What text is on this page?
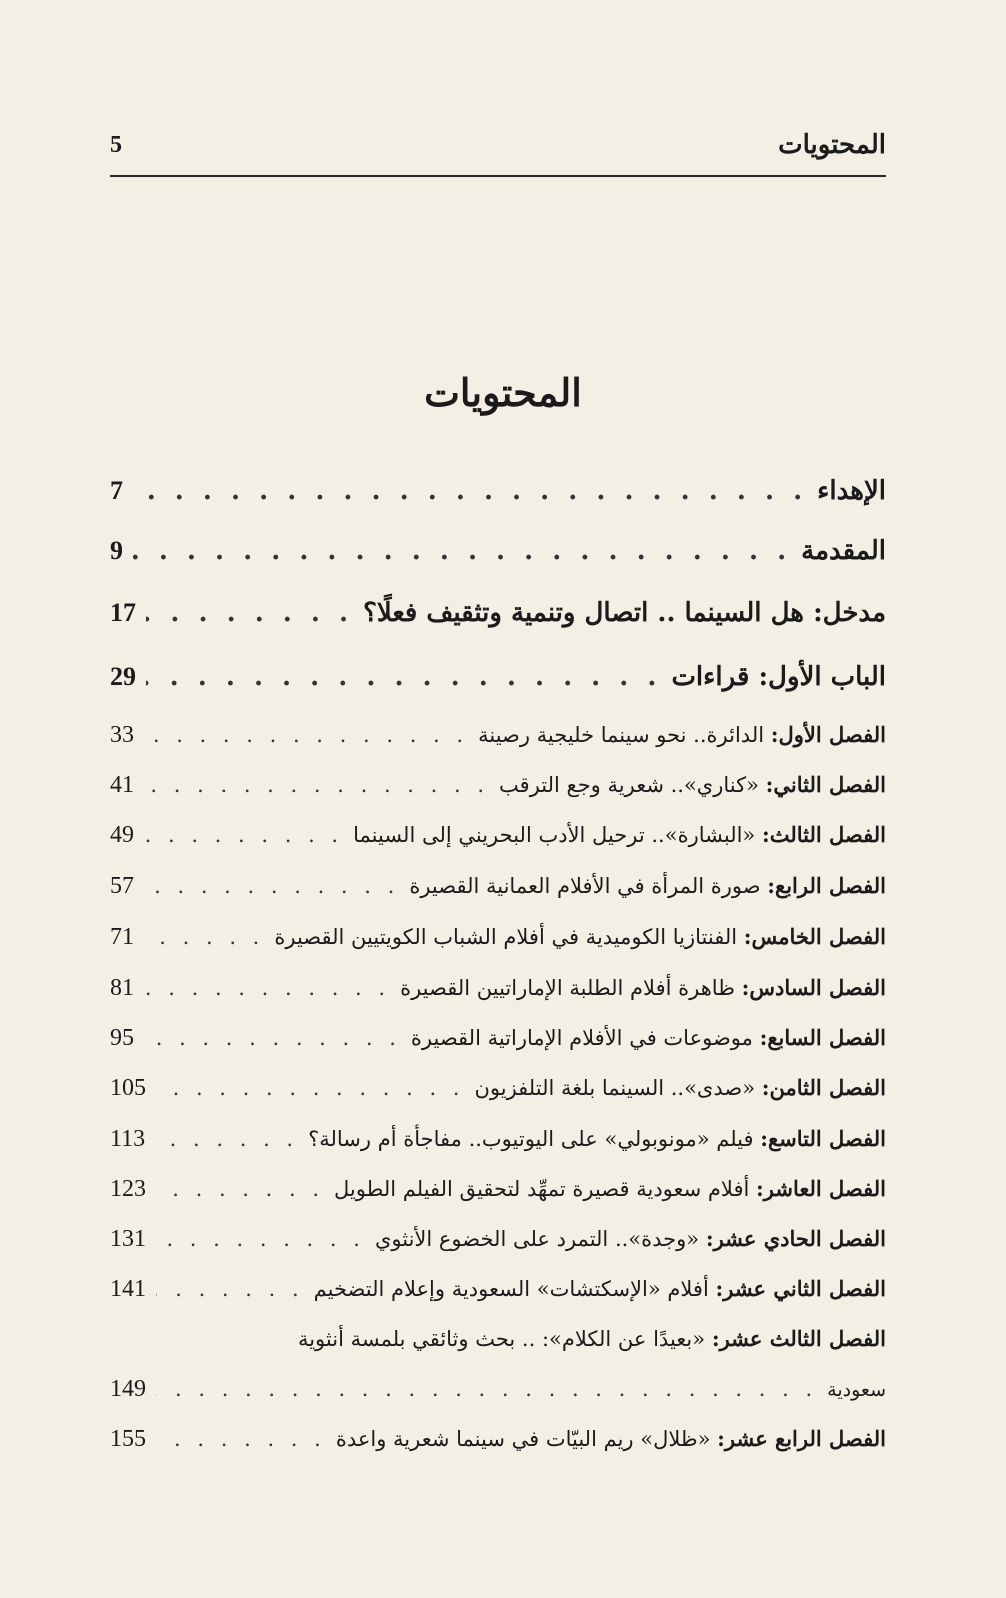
المحتويات
5
المحتويات
الإهداء
. . .
7
المقدمة
. . .
9
مدخل: هل السينما .. اتصال وتنمية وتثقيف فعلًا؟
. . .
17
الباب الأول: قراءات
. . .
29
الفصل الأول: الدائرة.. نحو سينما خليجية رصينة
. . .
33
الفصل الثاني: «كناري».. شعرية وجع الترقب
. . .
41
الفصل الثالث: «البشارة».. ترحيل الأدب البحريني إلى السينما
. . .
49
الفصل الرابع: صورة المرأة في الأفلام العمانية القصيرة
. . .
57
الفصل الخامس: الفنتازيا الكوميدية في أفلام الشباب الكويتيين القصيرة
. . .
71
الفصل السادس: ظاهرة أفلام الطلبة الإماراتيين القصيرة
. . .
81
الفصل السابع: موضوعات في الأفلام الإماراتية القصيرة
. . .
95
الفصل الثامن: «صدى».. السينما بلغة التلفزيون
. . .
105
الفصل التاسع: فيلم «مونوبولي» على اليوتيوب.. مفاجأة أم رسالة؟
. . .
113
الفصل العاشر: أفلام سعودية قصيرة تمهِّد لتحقيق الفيلم الطويل
. . .
123
الفصل الحادي عشر: «وجدة».. التمرد على الخضوع الأنثوي
. . .
131
الفصل الثاني عشر: أفلام «الإسكتشات» السعودية وإعلام التضخيم
. . .
141
الفصل الثالث عشر: «بعيدًا عن الكلام»: .. بحث وثائقي بلمسة أنثوية
سعودية
. . .
149
الفصل الرابع عشر: «ظلال» ريم البيّات في سينما شعرية واعدة
. . .
155
